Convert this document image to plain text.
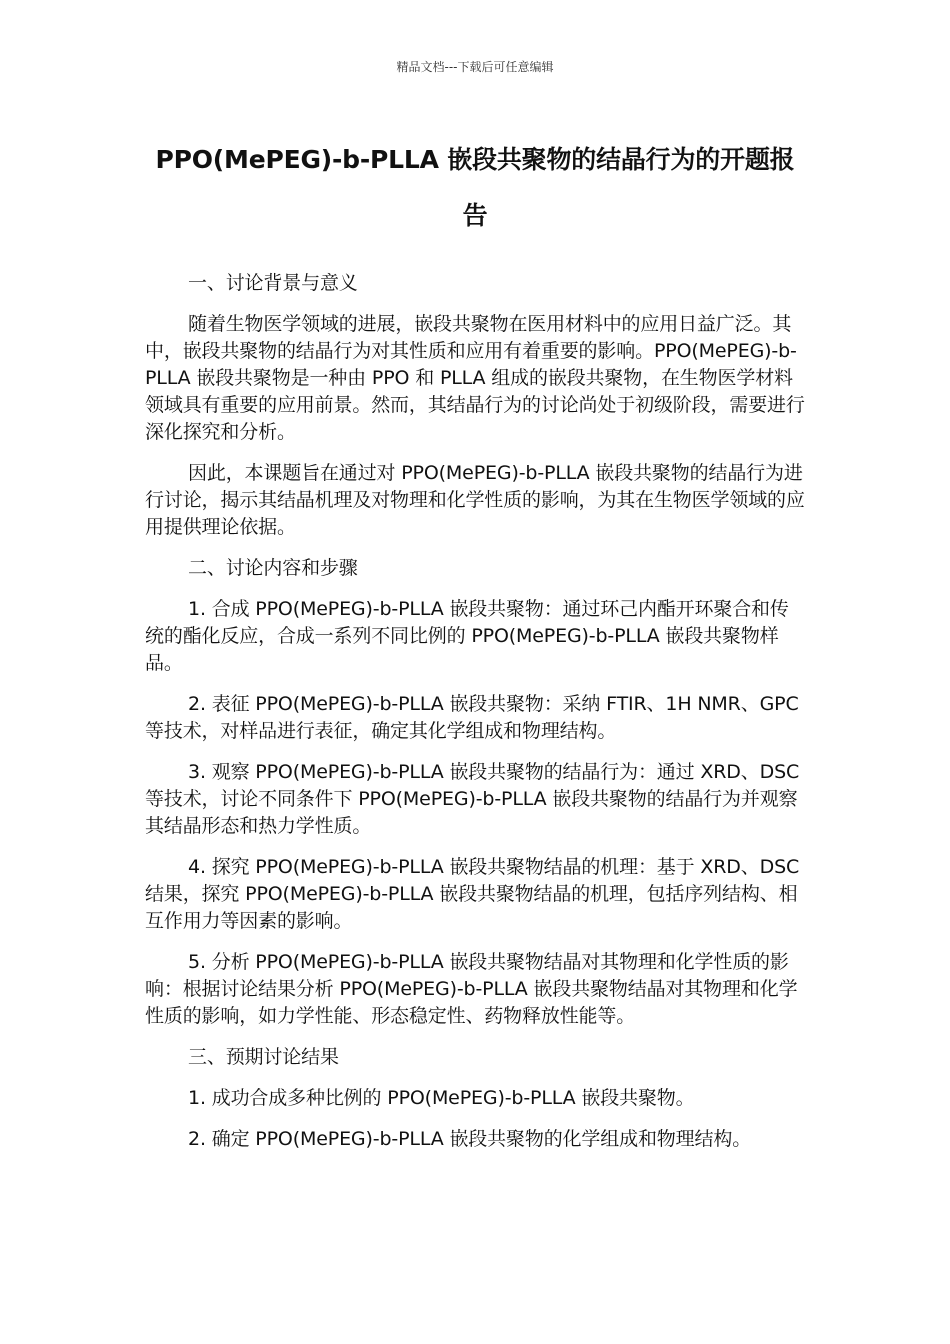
精品文档---下载后可任意编辑
PPO(MePEG)-b-PLLA 嵌段共聚物的结晶行为的开题报告

一、讨论背景与意义

随着生物医学领域的进展，嵌段共聚物在医用材料中的应用日益广泛。其中，嵌段共聚物的结晶行为对其性质和应用有着重要的影响。PPO(MePEG)-b-PLLA 嵌段共聚物是一种由 PPO 和 PLLA 组成的嵌段共聚物，在生物医学材料领域具有重要的应用前景。然而，其结晶行为的讨论尚处于初级阶段，需要进行深化探究和分析。

因此，本课题旨在通过对 PPO(MePEG)-b-PLLA 嵌段共聚物的结晶行为进行讨论，揭示其结晶机理及对物理和化学性质的影响，为其在生物医学领域的应用提供理论依据。

二、讨论内容和步骤

1. 合成 PPO(MePEG)-b-PLLA 嵌段共聚物：通过环己内酯开环聚合和传统的酯化反应，合成一系列不同比例的 PPO(MePEG)-b-PLLA 嵌段共聚物样品。

2. 表征 PPO(MePEG)-b-PLLA 嵌段共聚物：采纳 FTIR、1H NMR、GPC 等技术，对样品进行表征，确定其化学组成和物理结构。

3. 观察 PPO(MePEG)-b-PLLA 嵌段共聚物的结晶行为：通过 XRD、DSC 等技术，讨论不同条件下 PPO(MePEG)-b-PLLA 嵌段共聚物的结晶行为并观察其结晶形态和热力学性质。

4. 探究 PPO(MePEG)-b-PLLA 嵌段共聚物结晶的机理：基于 XRD、DSC 结果，探究 PPO(MePEG)-b-PLLA 嵌段共聚物结晶的机理，包括序列结构、相互作用力等因素的影响。

5. 分析 PPO(MePEG)-b-PLLA 嵌段共聚物结晶对其物理和化学性质的影响：根据讨论结果分析 PPO(MePEG)-b-PLLA 嵌段共聚物结晶对其物理和化学性质的影响，如力学性能、形态稳定性、药物释放性能等。

三、预期讨论结果

1. 成功合成多种比例的 PPO(MePEG)-b-PLLA 嵌段共聚物。

2. 确定 PPO(MePEG)-b-PLLA 嵌段共聚物的化学组成和物理结构。
